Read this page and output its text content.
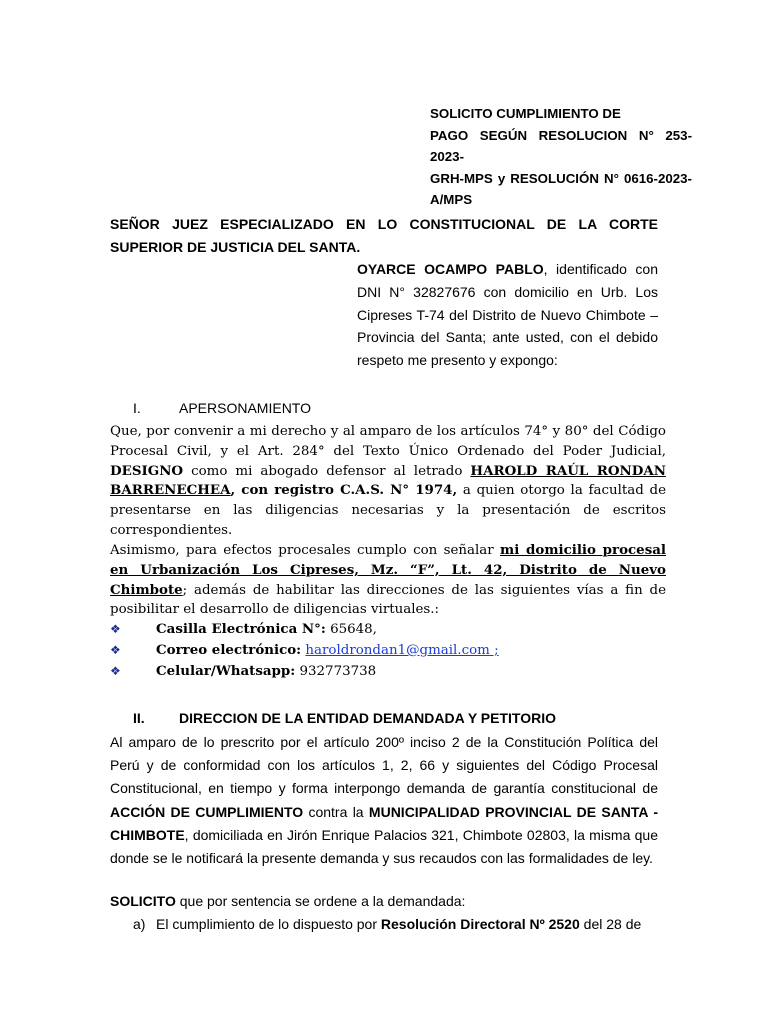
SOLICITO CUMPLIMIENTO DE

PAGO SEGÚN RESOLUCION N° 253-2023-

GRH-MPS y RESOLUCIÓN N° 0616-2023-

A/MPS

SEÑOR JUEZ ESPECIALIZADO EN LO CONSTITUCIONAL DE LA CORTE

SUPERIOR DE JUSTICIA DEL SANTA.

OYARCE OCAMPO PABLO, identificado con DNI N° 32827676 con domicilio en Urb. Los Cipreses T-74 del Distrito de Nuevo Chimbote – Provincia del Santa; ante usted, con el debido respeto me presento y expongo:
I.	APERSONAMIENTO
Que, por convenir a mi derecho y al amparo de los artículos 74° y 80° del Código Procesal Civil, y el Art. 284° del Texto Único Ordenado del Poder Judicial, DESIGNO como mi abogado defensor al letrado HAROLD RAÚL RONDAN BARRENECHEA, con registro C.A.S. N° 1974, a quien otorgo la facultad de presentarse en las diligencias necesarias y la presentación de escritos correspondientes.
Asimismo, para efectos procesales cumplo con señalar mi domicilio procesal en Urbanización Los Cipreses, Mz. “F”, Lt. 42, Distrito de Nuevo Chimbote; además de habilitar las direcciones de las siguientes vías a fin de posibilitar el desarrollo de diligencias virtuales.:
❖	Casilla Electrónica N°: 65648,
❖	Correo electrónico: haroldrondan1@gmail.com ;
❖	Celular/Whatsapp: 932773738
II. DIRECCION DE LA ENTIDAD DEMANDADA Y PETITORIO
Al amparo de lo prescrito por el artículo 200º inciso 2 de la Constitución Política del Perú y de conformidad con los artículos 1, 2, 66 y siguientes del Código Procesal Constitucional, en tiempo y forma interpongo demanda de garantía constitucional de ACCIÓN DE CUMPLIMIENTO contra la MUNICIPALIDAD PROVINCIAL DE SANTA - CHIMBOTE, domiciliada en Jirón Enrique Palacios 321, Chimbote 02803, la misma que donde se le notificará la presente demanda y sus recaudos con las formalidades de ley.
SOLICITO que por sentencia se ordene a la demandada:
a) El cumplimiento de lo dispuesto por Resolución Directoral Nº 2520 del 28 de
